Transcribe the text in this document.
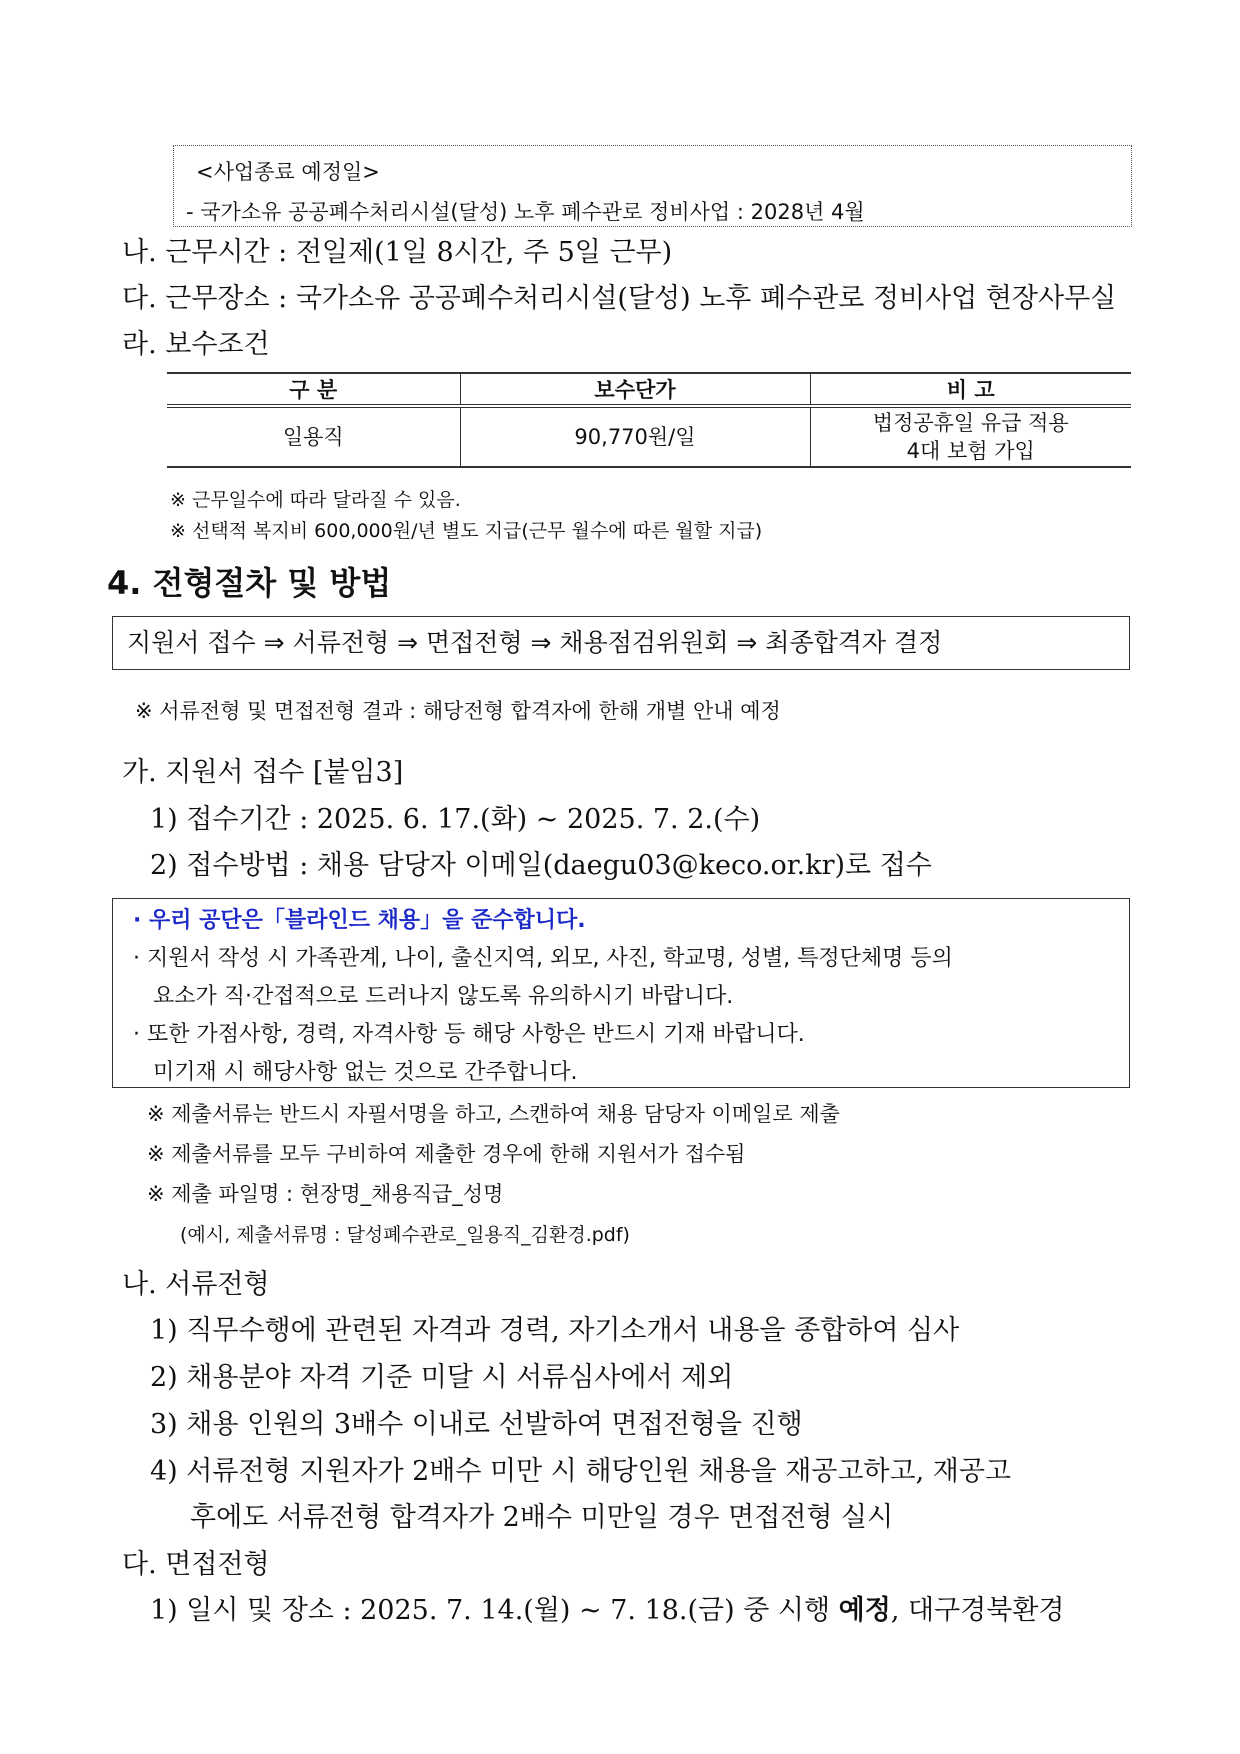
<사업종료 예정일>
- 국가소유 공공폐수처리시설(달성) 노후 폐수관로 정비사업 : 2028년 4월
나. 근무시간 : 전일제(1일 8시간, 주 5일 근무)
다. 근무장소 : 국가소유 공공폐수처리시설(달성) 노후 폐수관로 정비사업 현장사무실
라. 보수조건
구 분	보수단가	비 고
일용직	90,770원/일	법정공휴일 유급 적용
4대 보험 가입
※ 근무일수에 따라 달라질 수 있음.
※ 선택적 복지비 600,000원/년 별도 지급(근무 월수에 따른 월할 지급)
4. 전형절차 및 방법
지원서 접수 ⇒ 서류전형 ⇒ 면접전형 ⇒ 채용점검위원회 ⇒ 최종합격자 결정
※ 서류전형 및 면접전형 결과 : 해당전형 합격자에 한해 개별 안내 예정
가. 지원서 접수 [붙임3]
1) 접수기간 : 2025. 6. 17.(화) ~ 2025. 7. 2.(수)
2) 접수방법 : 채용 담당자 이메일(daegu03@keco.or.kr)로 접수
· 우리 공단은「블라인드 채용」을 준수합니다.
· 지원서 작성 시 가족관계, 나이, 출신지역, 외모, 사진, 학교명, 성별, 특정단체명 등의
요소가 직·간접적으로 드러나지 않도록 유의하시기 바랍니다.
· 또한 가점사항, 경력, 자격사항 등 해당 사항은 반드시 기재 바랍니다.
미기재 시 해당사항 없는 것으로 간주합니다.
※ 제출서류는 반드시 자필서명을 하고, 스캔하여 채용 담당자 이메일로 제출
※ 제출서류를 모두 구비하여 제출한 경우에 한해 지원서가 접수됨
※ 제출 파일명 : 현장명_채용직급_성명
(예시, 제출서류명 : 달성폐수관로_일용직_김환경.pdf)
나. 서류전형
1) 직무수행에 관련된 자격과 경력, 자기소개서 내용을 종합하여 심사
2) 채용분야 자격 기준 미달 시 서류심사에서 제외
3) 채용 인원의 3배수 이내로 선발하여 면접전형을 진행
4) 서류전형 지원자가 2배수 미만 시 해당인원 채용을 재공고하고, 재공고
후에도 서류전형 합격자가 2배수 미만일 경우 면접전형 실시
다. 면접전형
1) 일시 및 장소 : 2025. 7. 14.(월) ~ 7. 18.(금) 중 시행 예정, 대구경북환경
